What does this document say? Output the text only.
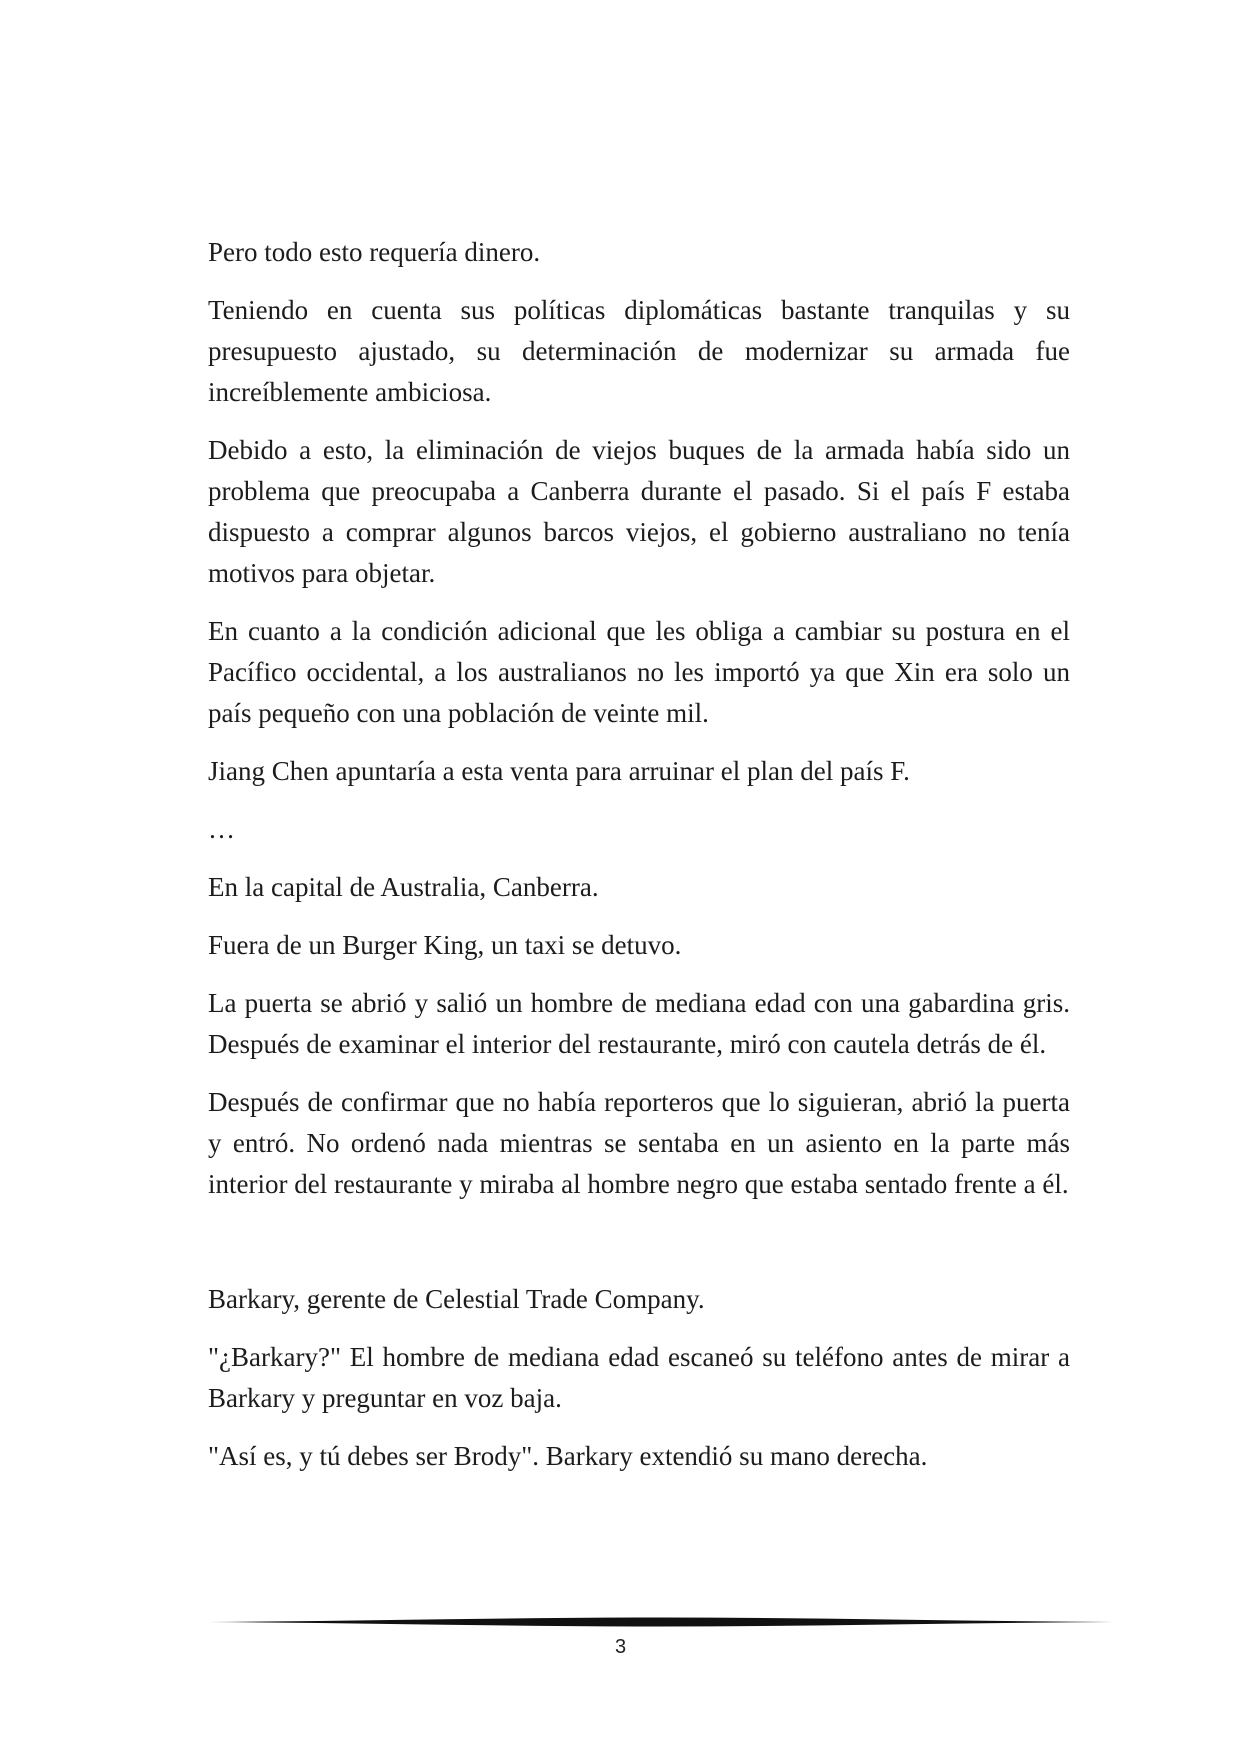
Pero todo esto requería dinero.

Teniendo en cuenta sus políticas diplomáticas bastante tranquilas y su presupuesto ajustado, su determinación de modernizar su armada fue increíblemente ambiciosa.

Debido a esto, la eliminación de viejos buques de la armada había sido un problema que preocupaba a Canberra durante el pasado. Si el país F estaba dispuesto a comprar algunos barcos viejos, el gobierno australiano no tenía motivos para objetar.

En cuanto a la condición adicional que les obliga a cambiar su postura en el Pacífico occidental, a los australianos no les importó ya que Xin era solo un país pequeño con una población de veinte mil.

Jiang Chen apuntaría a esta venta para arruinar el plan del país F.

…

En la capital de Australia, Canberra.

Fuera de un Burger King, un taxi se detuvo.

La puerta se abrió y salió un hombre de mediana edad con una gabardina gris. Después de examinar el interior del restaurante, miró con cautela detrás de él.

Después de confirmar que no había reporteros que lo siguieran, abrió la puerta y entró. No ordenó nada mientras se sentaba en un asiento en la parte más interior del restaurante y miraba al hombre negro que estaba sentado frente a él.

Barkary, gerente de Celestial Trade Company.

"¿Barkary?" El hombre de mediana edad escaneó su teléfono antes de mirar a Barkary y preguntar en voz baja.

"Así es, y tú debes ser Brody". Barkary extendió su mano derecha.

3
